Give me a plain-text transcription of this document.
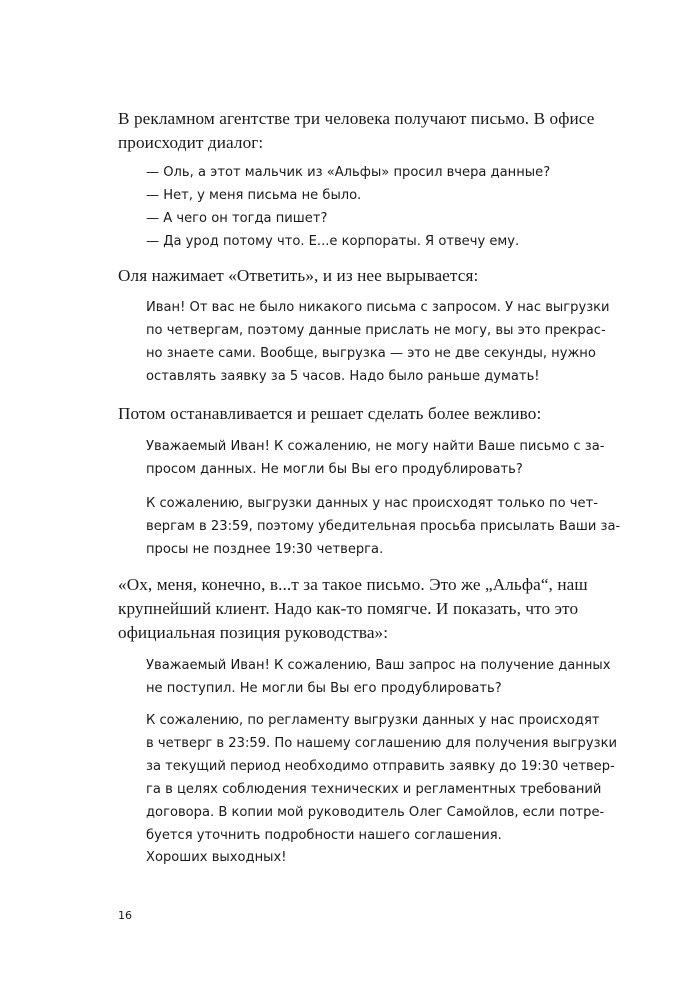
В рекламном агентстве три человека получают письмо. В офисе
происходит диалог:

— Оль, а этот мальчик из «Альфы» просил вчера данные?
— Нет, у меня письма не было.
— А чего он тогда пишет?
— Да урод потому что. Е...е корпораты. Я отвечу ему.

Оля нажимает «Ответить», и из нее вырывается:

Иван! От вас не было никакого письма с запросом. У нас выгрузки
по четвергам, поэтому данные прислать не могу, вы это прекрас-
но знаете сами. Вообще, выгрузка — это не две секунды, нужно
оставлять заявку за 5 часов. Надо было раньше думать!

Потом останавливается и решает сделать более вежливо:

Уважаемый Иван! К сожалению, не могу найти Ваше письмо с за-
просом данных. Не могли бы Вы его продублировать?
К сожалению, выгрузки данных у нас происходят только по чет-
вергам в 23:59, поэтому убедительная просьба присылать Ваши за-
просы не позднее 19:30 четверга.

«Ох, меня, конечно, в...т за такое письмо. Это же „Альфа“, наш
крупнейший клиент. Надо как-то помягче. И показать, что это
официальная позиция руководства»:

Уважаемый Иван! К сожалению, Ваш запрос на получение данных
не поступил. Не могли бы Вы его продублировать?
К сожалению, по регламенту выгрузки данных у нас происходят
в четверг в 23:59. По нашему соглашению для получения выгрузки
за текущий период необходимо отправить заявку до 19:30 четвер-
га в целях соблюдения технических и регламентных требований
договора. В копии мой руководитель Олег Самойлов, если потре-
буется уточнить подробности нашего соглашения.
Хороших выходных!
16
